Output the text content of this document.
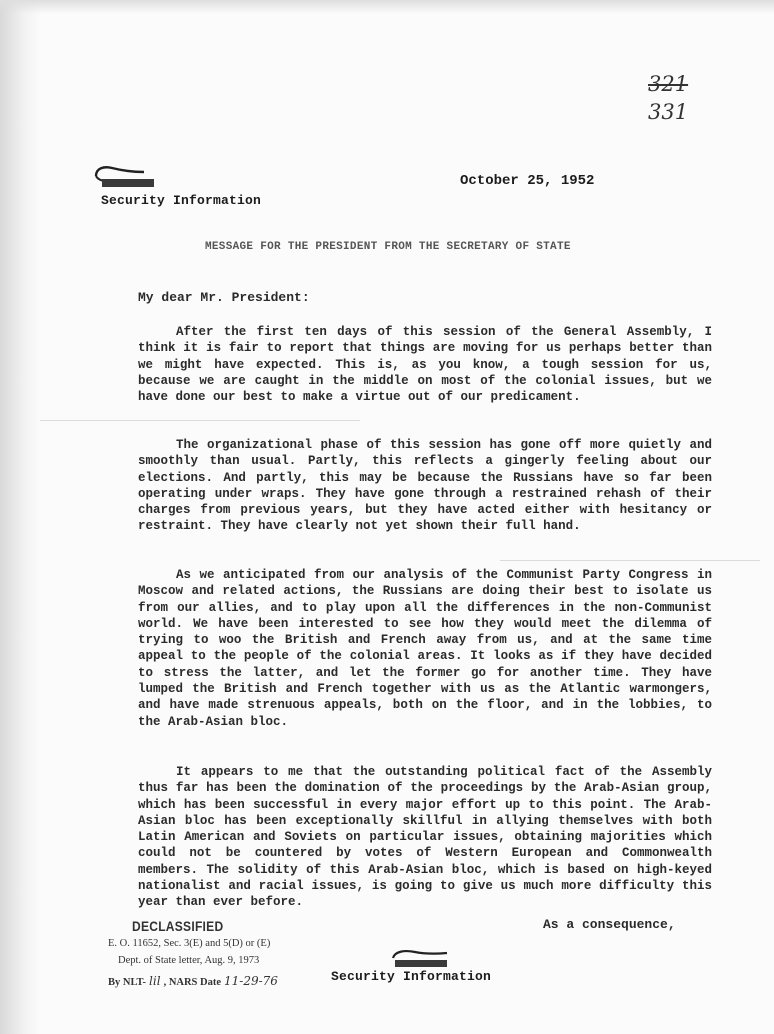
321
331
Security Information
October 25, 1952
MESSAGE FOR THE PRESIDENT FROM THE SECRETARY OF STATE
My dear Mr. President:

After the first ten days of this session of the General Assembly, I think it is fair to report that things are moving for us perhaps better than we might have expected. This is, as you know, a tough session for us, because we are caught in the middle on most of the colonial issues, but we have done our best to make a virtue out of our predicament.

The organizational phase of this session has gone off more quietly and smoothly than usual. Partly, this reflects a gingerly feeling about our elections. And partly, this may be because the Russians have so far been operating under wraps. They have gone through a restrained rehash of their charges from previous years, but they have acted either with hesitancy or restraint. They have clearly not yet shown their full hand.

As we anticipated from our analysis of the Communist Party Congress in Moscow and related actions, the Russians are doing their best to isolate us from our allies, and to play upon all the differences in the non-Communist world. We have been interested to see how they would meet the dilemma of trying to woo the British and French away from us, and at the same time appeal to the people of the colonial areas. It looks as if they have decided to stress the latter, and let the former go for another time. They have lumped the British and French together with us as the Atlantic warmongers, and have made strenuous appeals, both on the floor, and in the lobbies, to the Arab-Asian bloc.

It appears to me that the outstanding political fact of the Assembly thus far has been the domination of the proceedings by the Arab-Asian group, which has been successful in every major effort up to this point. The Arab-Asian bloc has been exceptionally skillful in allying themselves with both Latin American and Soviets on particular issues, obtaining majorities which could not be countered by votes of Western European and Commonwealth members. The solidity of this Arab-Asian bloc, which is based on high-keyed nationalist and racial issues, is going to give us much more difficulty this year than ever before.

As a consequence,
DECLASSIFIED
E. O. 11652, Sec. 3(E) and 5(D) or (E)
Dept. of State letter, Aug. 9, 1973
By NLT- lil , NARS Date 11-29-76	Security Information
